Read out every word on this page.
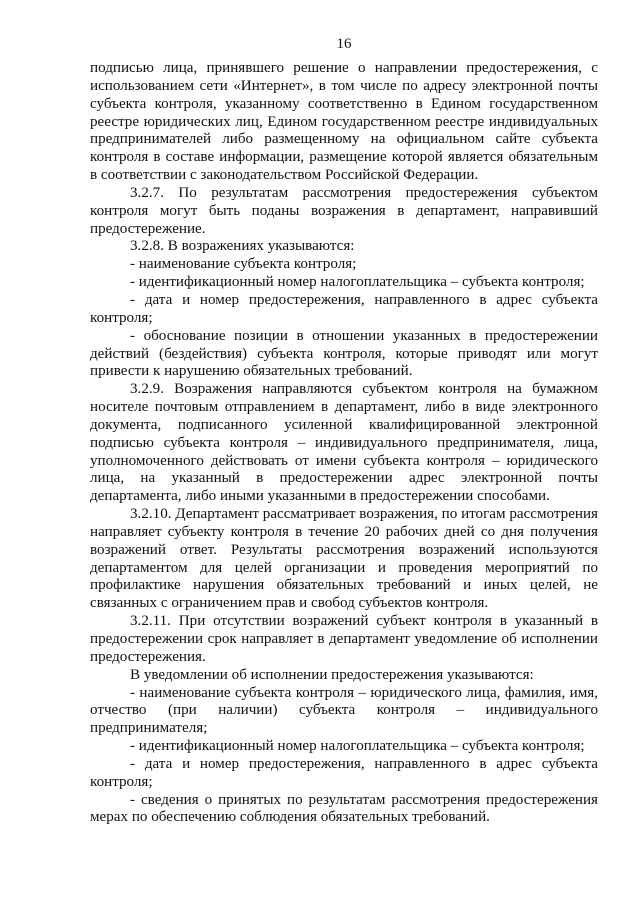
16

подписью лица, принявшего решение о направлении предостережения, с использованием сети «Интернет», в том числе по адресу электронной почты субъекта контроля, указанному соответственно в Едином государственном реестре юридических лиц, Едином государственном реестре индивидуальных предпринимателей либо размещенному на официальном сайте субъекта контроля в составе информации, размещение которой является обязательным в соответствии с законодательством Российской Федерации.

3.2.7. По результатам рассмотрения предостережения субъектом контроля могут быть поданы возражения в департамент, направивший предостережение.

3.2.8. В возражениях указываются:

- наименование субъекта контроля;

- идентификационный номер налогоплательщика – субъекта контроля;

- дата и номер предостережения, направленного в адрес субъекта контроля;

- обоснование позиции в отношении указанных в предостережении действий (бездействия) субъекта контроля, которые приводят или могут привести к нарушению обязательных требований.

3.2.9. Возражения направляются субъектом контроля на бумажном носителе почтовым отправлением в департамент, либо в виде электронного документа, подписанного усиленной квалифицированной электронной подписью субъекта контроля – индивидуального предпринимателя, лица, уполномоченного действовать от имени субъекта контроля – юридического лица, на указанный в предостережении адрес электронной почты департамента, либо иными указанными в предостережении способами.

3.2.10. Департамент рассматривает возражения, по итогам рассмотрения направляет субъекту контроля в течение 20 рабочих дней со дня получения возражений ответ. Результаты рассмотрения возражений используются департаментом для целей организации и проведения мероприятий по профилактике нарушения обязательных требований и иных целей, не связанных с ограничением прав и свобод субъектов контроля.

3.2.11. При отсутствии возражений субъект контроля в указанный в предостережении срок направляет в департамент уведомление об исполнении предостережения.

В уведомлении об исполнении предостережения указываются:

- наименование субъекта контроля – юридического лица, фамилия, имя, отчество (при наличии) субъекта контроля – индивидуального предпринимателя;

- идентификационный номер налогоплательщика – субъекта контроля;

- дата и номер предостережения, направленного в адрес субъекта контроля;

- сведения о принятых по результатам рассмотрения предостережения мерах по обеспечению соблюдения обязательных требований.
